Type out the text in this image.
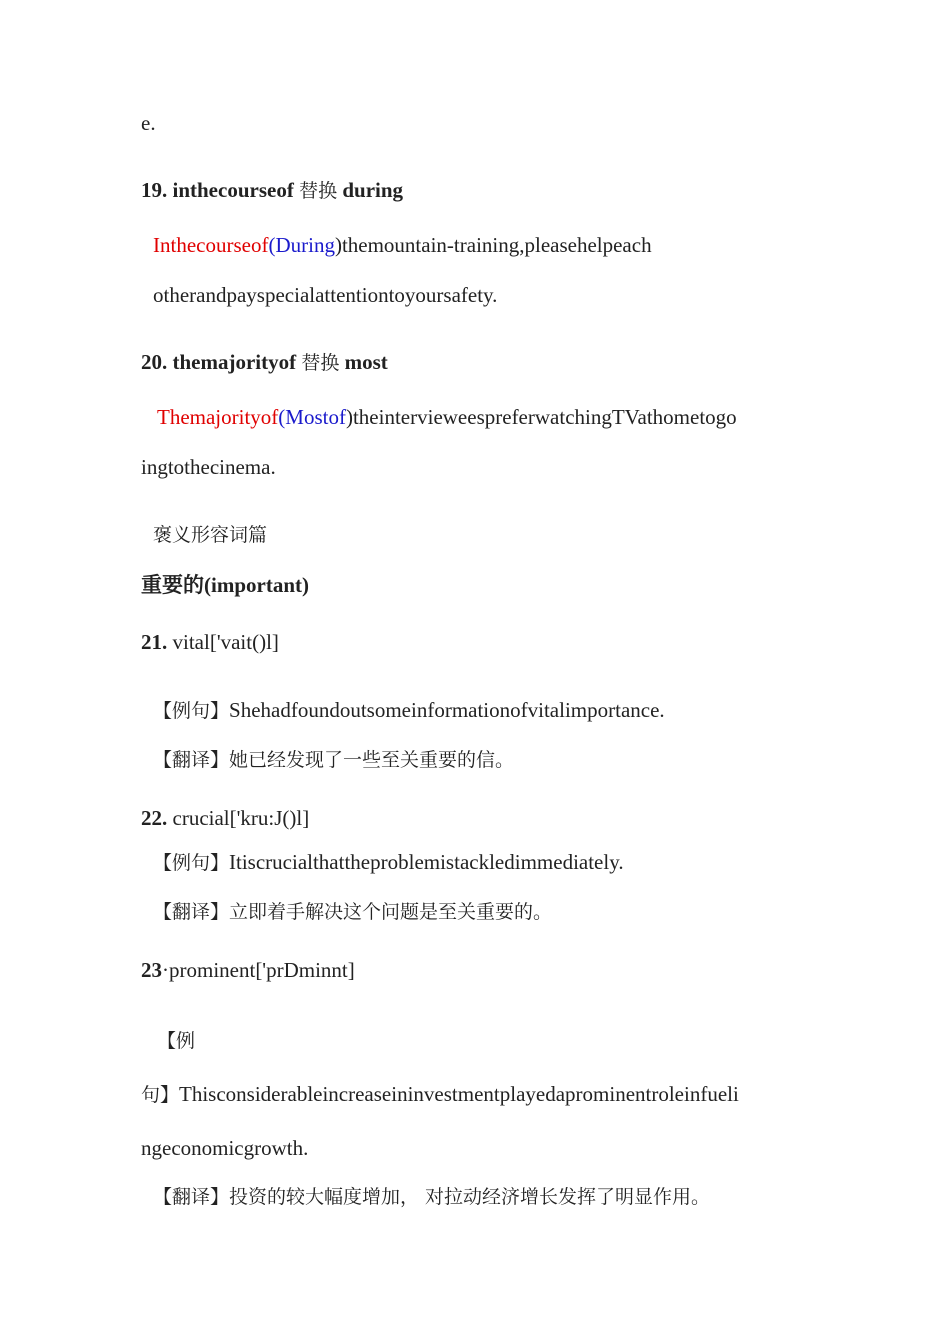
e.
19. inthecourseof 替换 during
Inthecourseof(During)themountain-training,pleasehelpeach
otherandpayspecialattentiontoyoursafety.
20. themajorityof 替换 most
Themajorityof(Mostof)theintervieweespreferwatchingTVathometogo
ingtothecinema.
褒义形容词篇
重要的(important)
21. vital['vait()l]
【例句】Shehadfoundoutsomeinformationofvitalimportance.
【翻译】她已经发现了一些至关重要的信。
22. crucial['kru:J()l]
【例句】Itiscrucialthattheproblemistackledimmediately.
【翻译】立即着手解决这个问题是至关重要的。
23·prominent['prDminnt]
【例
句】Thisconsiderableincreaseininvestmentplayedaprominentroleinfueli
ngeconomicgrowth.
【翻译】投资的较大幅度增加， 对拉动经济增长发挥了明显作用。
